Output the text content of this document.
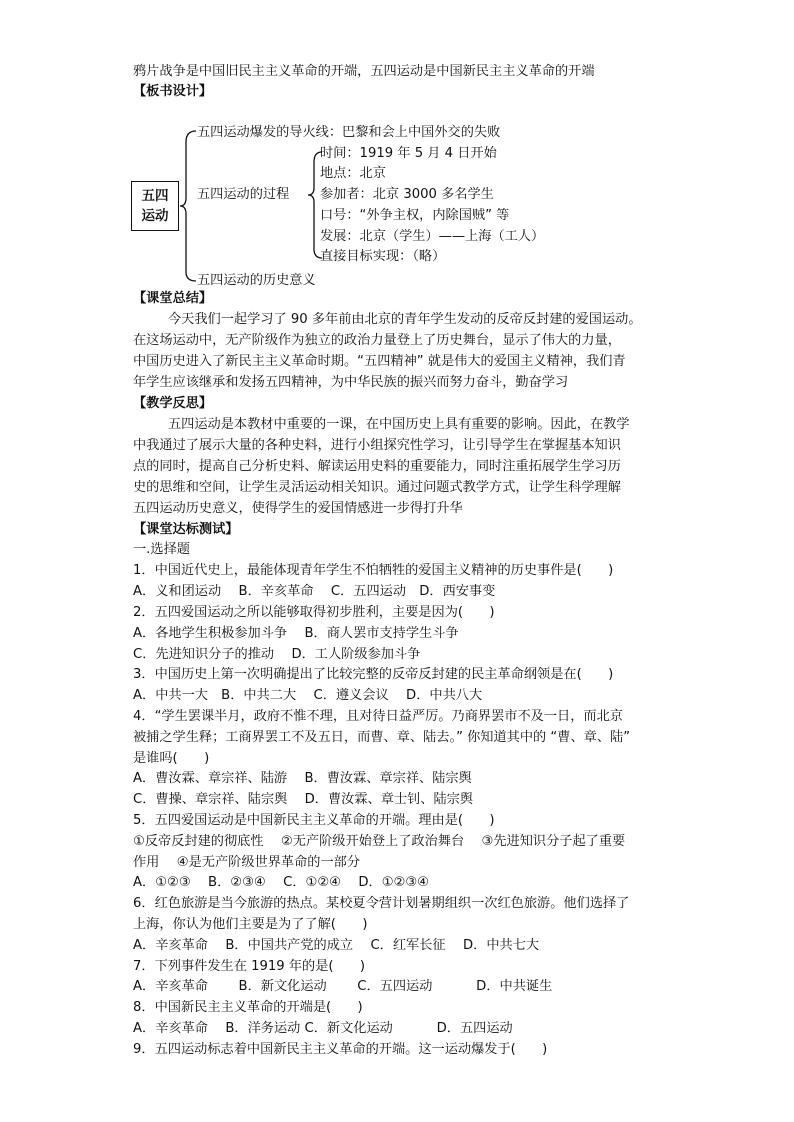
鸦片战争是中国旧民主主义革命的开端，五四运动是中国新民主主义革命的开端
【板书设计】
五四
运动
五四运动爆发的导火线：巴黎和会上中国外交的失败
五四运动的过程
五四运动的历史意义
时间：1919 年 5 月 4 日开始
地点：北京
参加者：北京 3000 多名学生
口号：“外争主权，内除国贼” 等
发展：北京（学生）——上海（工人）
直接目标实现：（略）
【课堂总结】
今天我们一起学习了 90 多年前由北京的青年学生发动的反帝反封建的爱国运动。
在这场运动中，无产阶级作为独立的政治力量登上了历史舞台，显示了伟大的力量，
中国历史进入了新民主主义革命时期。“五四精神” 就是伟大的爱国主义精神，我们青
年学生应该继承和发扬五四精神，为中华民族的振兴而努力奋斗，勤奋学习
【教学反思】
五四运动是本教材中重要的一课，在中国历史上具有重要的影响。因此，在教学
中我通过了展示大量的各种史料，进行小组探究性学习，让引导学生在掌握基本知识
点的同时，提高自己分析史料、解读运用史料的重要能力，同时注重拓展学生学习历
史的思维和空间，让学生灵活运动相关知识。通过问题式教学方式，让学生科学理解
五四运动历史意义，使得学生的爱国情感进一步得打升华
【课堂达标测试】
一.选择题
1．中国近代史上，最能体现青年学生不怕牺牲的爱国主义精神的历史事件是(　　)
A．义和团运动　 B．辛亥革命　 C．五四运动　D．西安事变
2．五四爱国运动之所以能够取得初步胜利，主要是因为(　　)
A．各地学生积极参加斗争　 B．商人罢市支持学生斗争
C．先进知识分子的推动　 D．工人阶级参加斗争
3．中国历史上第一次明确提出了比较完整的反帝反封建的民主革命纲领是在(　　)
A．中共一大　B．中共二大　 C．遵义会议　 D．中共八大
4．“学生罢课半月，政府不惟不理，且对待日益严厉。乃商界罢市不及一日，而北京
被捕之学生释；工商界罢工不及五日，而曹、章、陆去。” 你知道其中的 “曹、章、陆”
是谁吗(　　)
A．曹汝霖、章宗祥、陆游　 B．曹汝霖、章宗祥、陆宗舆
C．曹操、章宗祥、陆宗舆　 D．曹汝霖、章士钊、陆宗舆
5．五四爱国运动是中国新民主主义革命的开端。理由是(　　)
①反帝反封建的彻底性　 ②无产阶级开始登上了政治舞台　 ③先进知识分子起了重要
作用　 ④是无产阶级世界革命的一部分
A．①②③　 B．②③④　 C．①②④　 D．①②③④
6．红色旅游是当今旅游的热点。某校夏令营计划暑期组织一次红色旅游。他们选择了
上海，你认为他们主要是为了了解(　　)
A．辛亥革命　 B．中国共产党的成立　 C．红军长征　 D．中共七大
7．下列事件发生在 1919 年的是(　　)
A．辛亥革命　　 B．新文化运动　　 C．五四运动　　　 D．中共诞生
8．中国新民主主义革命的开端是(　　)
A．辛亥革命　 B．洋务运动 C．新文化运动　　　 D．五四运动
9．五四运动标志着中国新民主主义革命的开端。这一运动爆发于(　　)
